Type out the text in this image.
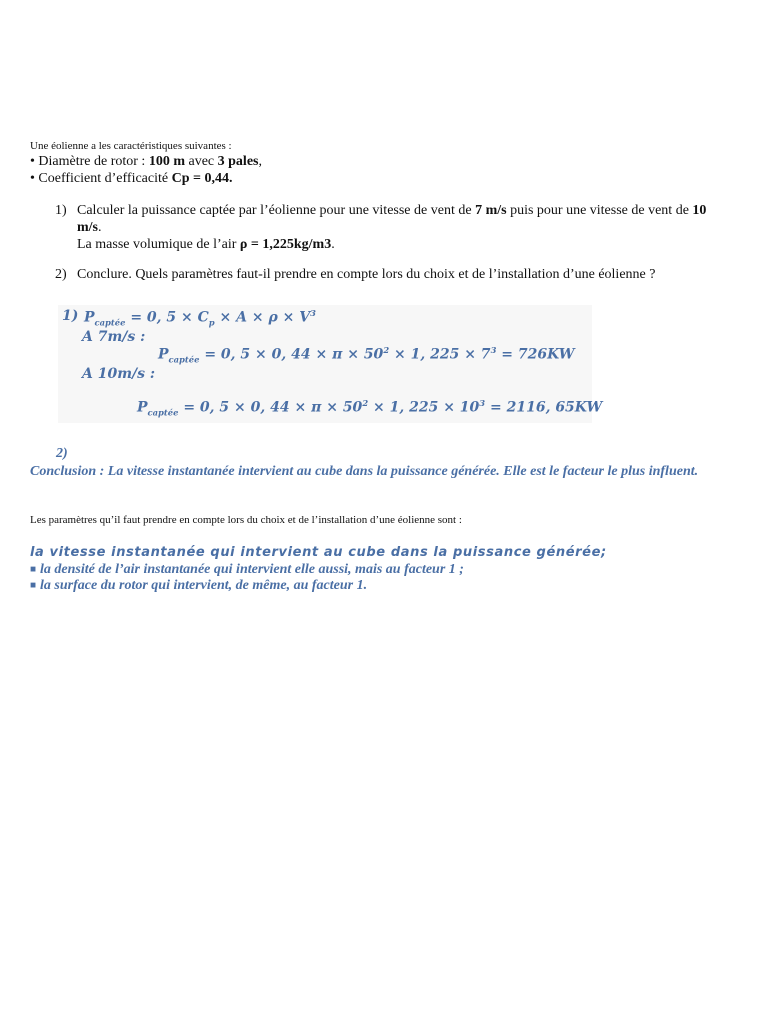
Une éolienne a les caractéristiques suivantes :
• Diamètre de rotor : 100 m avec 3 pales,
• Coefficient d’efficacité Cp = 0,44.
1) Calculer la puissance captée par l’éolienne pour une vitesse de vent de 7 m/s puis pour une vitesse de vent de 10 m/s.
La masse volumique de l’air ρ = 1,225kg/m3.
2) Conclure. Quels paramètres faut-il prendre en compte lors du choix et de l’installation d’une éolienne ?
1) $P_{captée} = 0$, $5 \times C_p \times A \times \rho \times V^3$
A 7m/s :
$P_{captée} = 0$, 5 × 0, $44 \times \pi \times 50^2 \times 1$, $225 \times 7^3 = 726KW$
A 10m/s :
$P_{captée} = 0$, 5 × 0, $44 \times \pi \times 50^2 \times 1$, $225 \times 10^3 = 2116$, 65KW
2)
Conclusion : La vitesse instantanée intervient au cube dans la puissance générée. Elle est le facteur le plus influent.
Les paramètres qu’il faut prendre en compte lors du choix et de l’installation d’une éolienne sont :
la vitesse instantanée qui intervient au cube dans la puissance générée;
■ la densité de l’air instantanée qui intervient elle aussi, mais au facteur 1 ;
■ la surface du rotor qui intervient, de même, au facteur 1.
